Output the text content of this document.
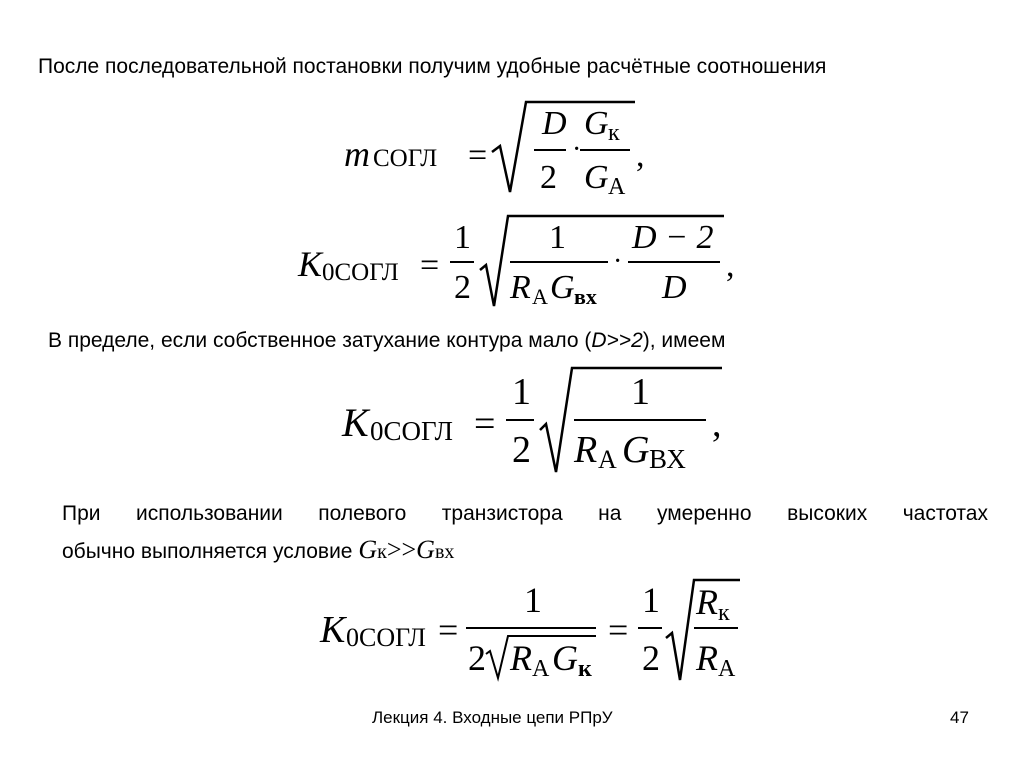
После последовательной постановки получим удобные расчётные соотношения
m СОГЛ =
D
2
·
G к
G А
,
K 0СОГЛ =
1
2
1
R А G вх
·
D − 2
D
,
В пределе, если собственное затухание контура мало (D>>2), имеем
K 0СОГЛ =
1
2
1
R А G ВХ
,
При использовании полевого транзистора на умеренно высоких частотах
обычно выполняется условие Gк>>Gвх
K 0СОГЛ =
1
2 R А G к
=
1
2
R к
R А
Лекция 4. Входные цепи РПрУ	47
